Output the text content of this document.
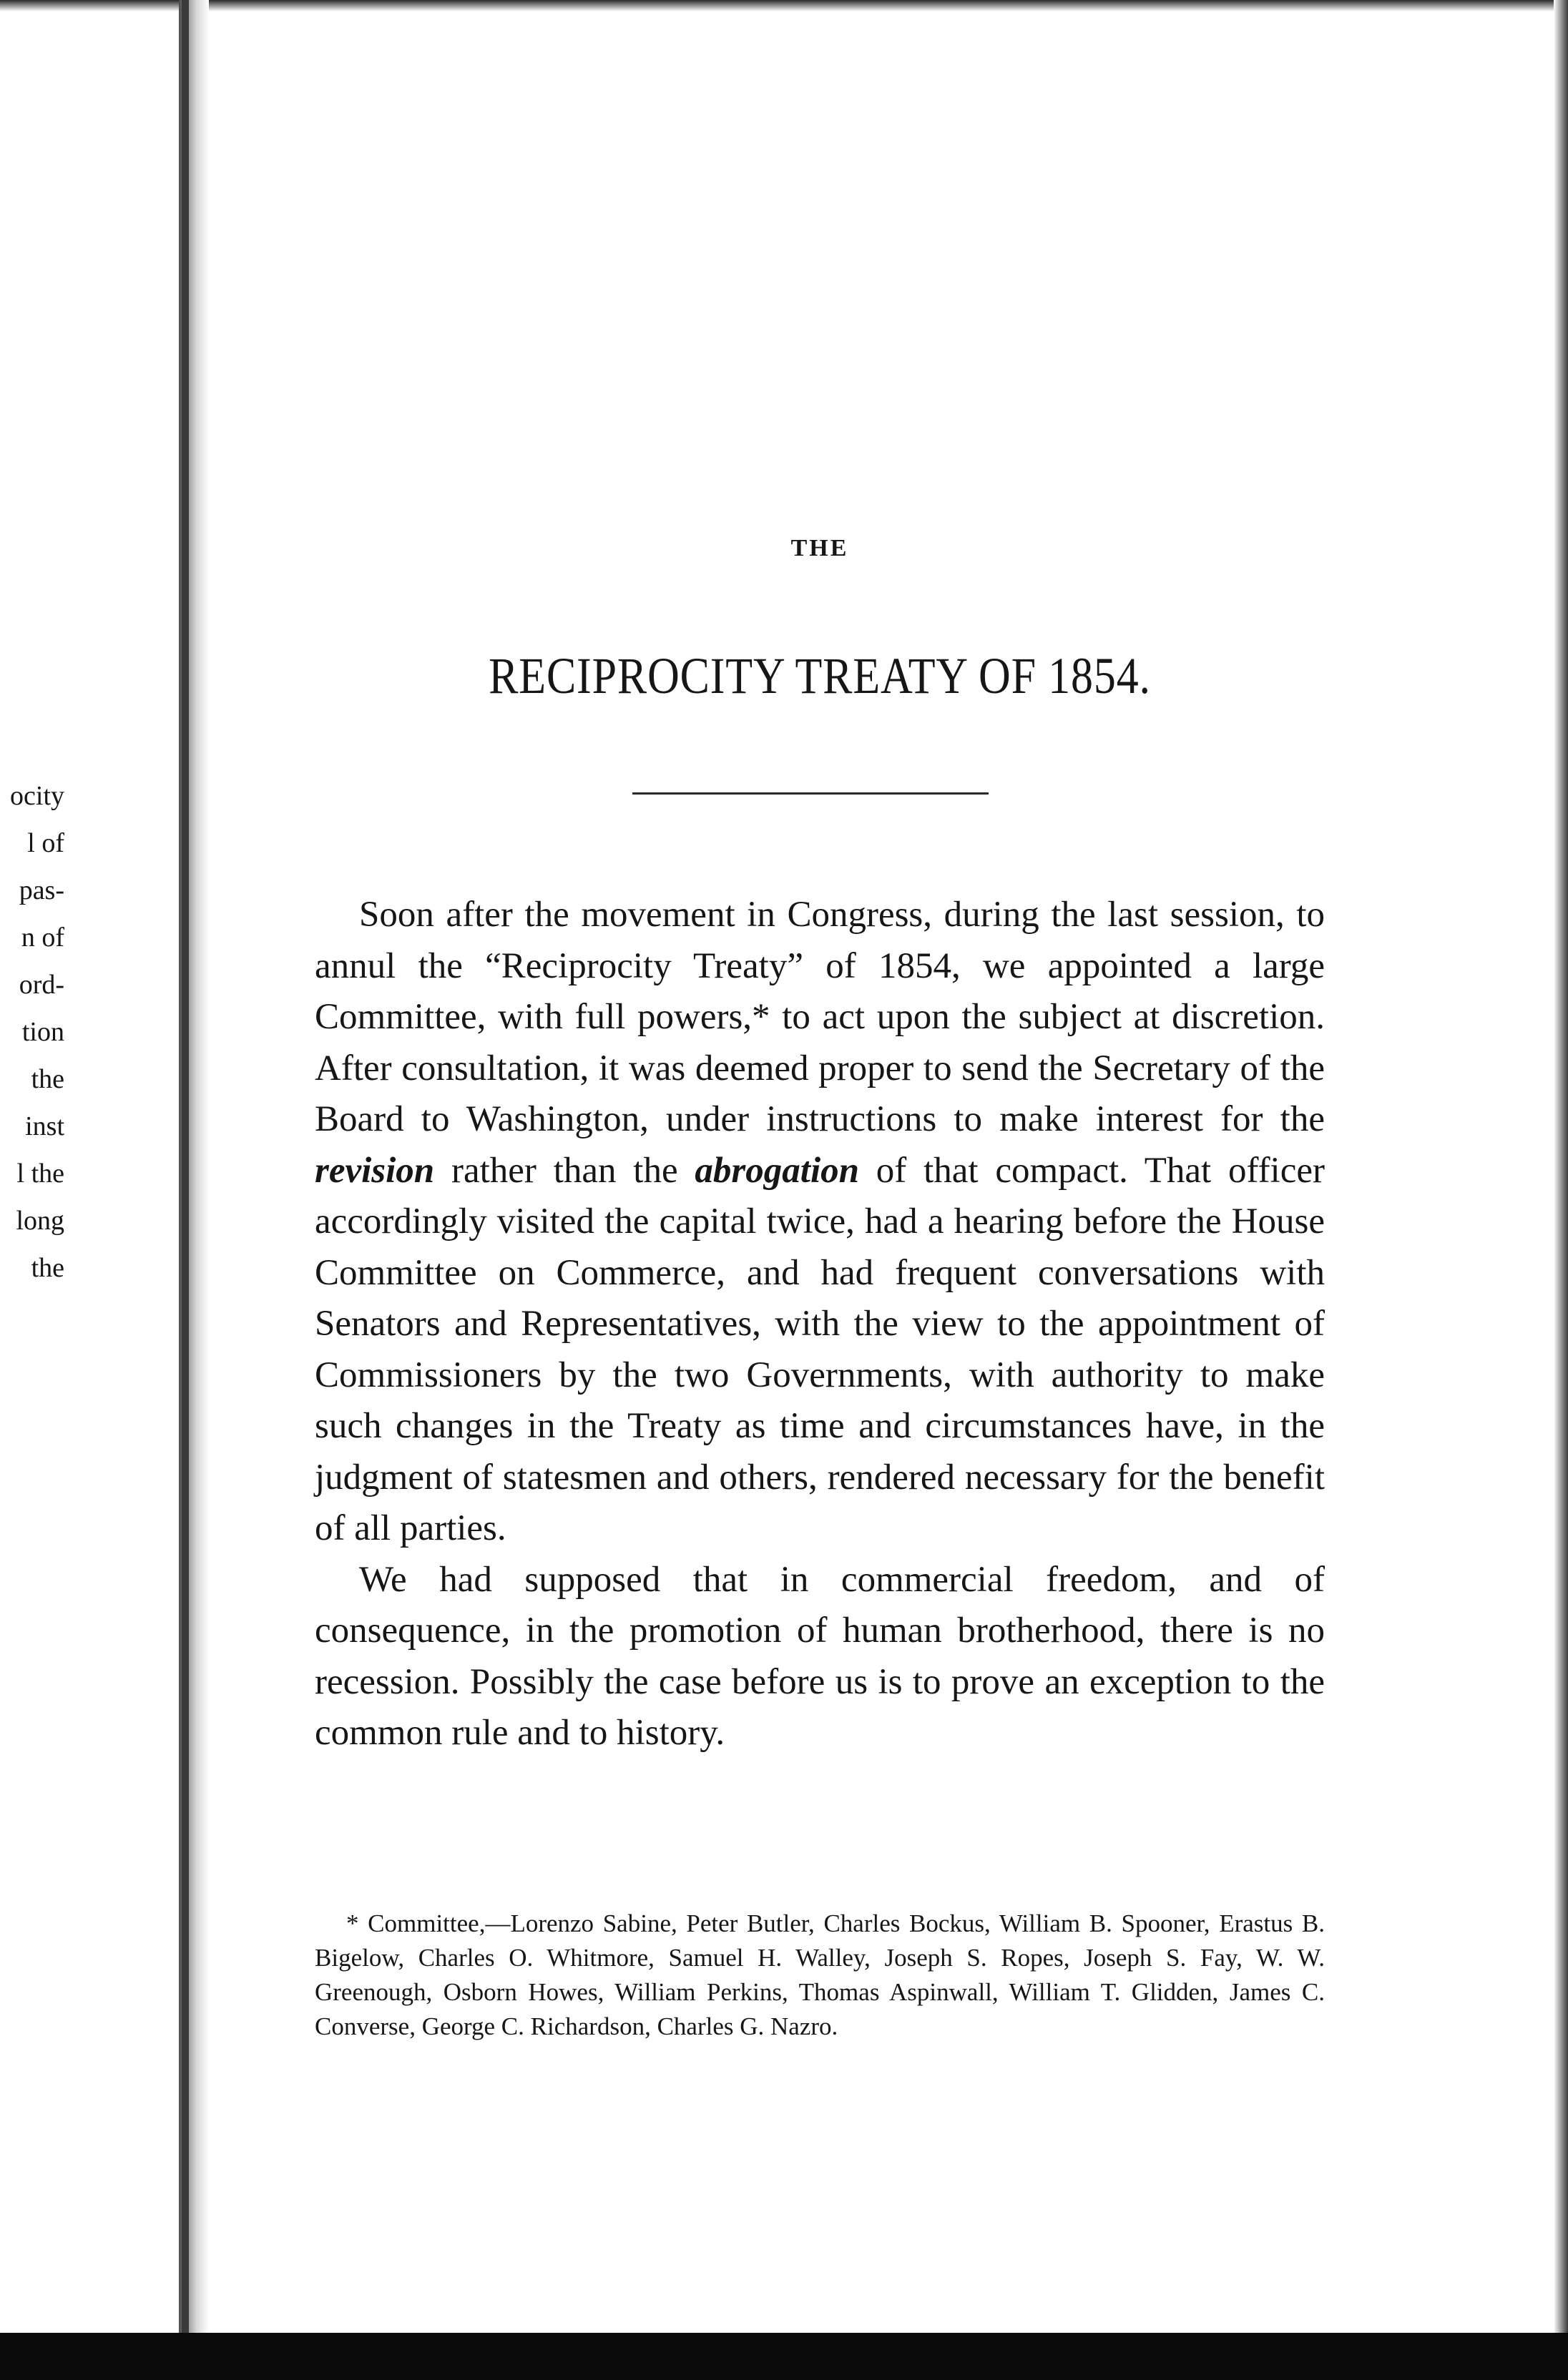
ocity
l of
pas-
n of
ord-
tion
the
inst
l the
long
the
THE
RECIPROCITY TREATY OF 1854.

Soon after the movement in Congress, during the last session, to annul the “Reciprocity Treaty” of 1854, we appointed a large Committee, with full powers,* to act upon the subject at discretion. After consultation, it was deemed proper to send the Secretary of the Board to Washington, under instructions to make interest for the revision rather than the abrogation of that compact. That officer accordingly visited the capital twice, had a hearing before the House Committee on Commerce, and had frequent conversations with Senators and Representatives, with the view to the appointment of Commissioners by the two Governments, with authority to make such changes in the Treaty as time and circumstances have, in the judgment of statesmen and others, rendered necessary for the benefit of all parties.

We had supposed that in commercial freedom, and of consequence, in the promotion of human brotherhood, there is no recession. Possibly the case before us is to prove an exception to the common rule and to history.

* Committee,—Lorenzo Sabine, Peter Butler, Charles Bockus, William B. Spooner, Erastus B. Bigelow, Charles O. Whitmore, Samuel H. Walley, Joseph S. Ropes, Joseph S. Fay, W. W. Greenough, Osborn Howes, William Perkins, Thomas Aspinwall, William T. Glidden, James C. Converse, George C. Richardson, Charles G. Nazro.
